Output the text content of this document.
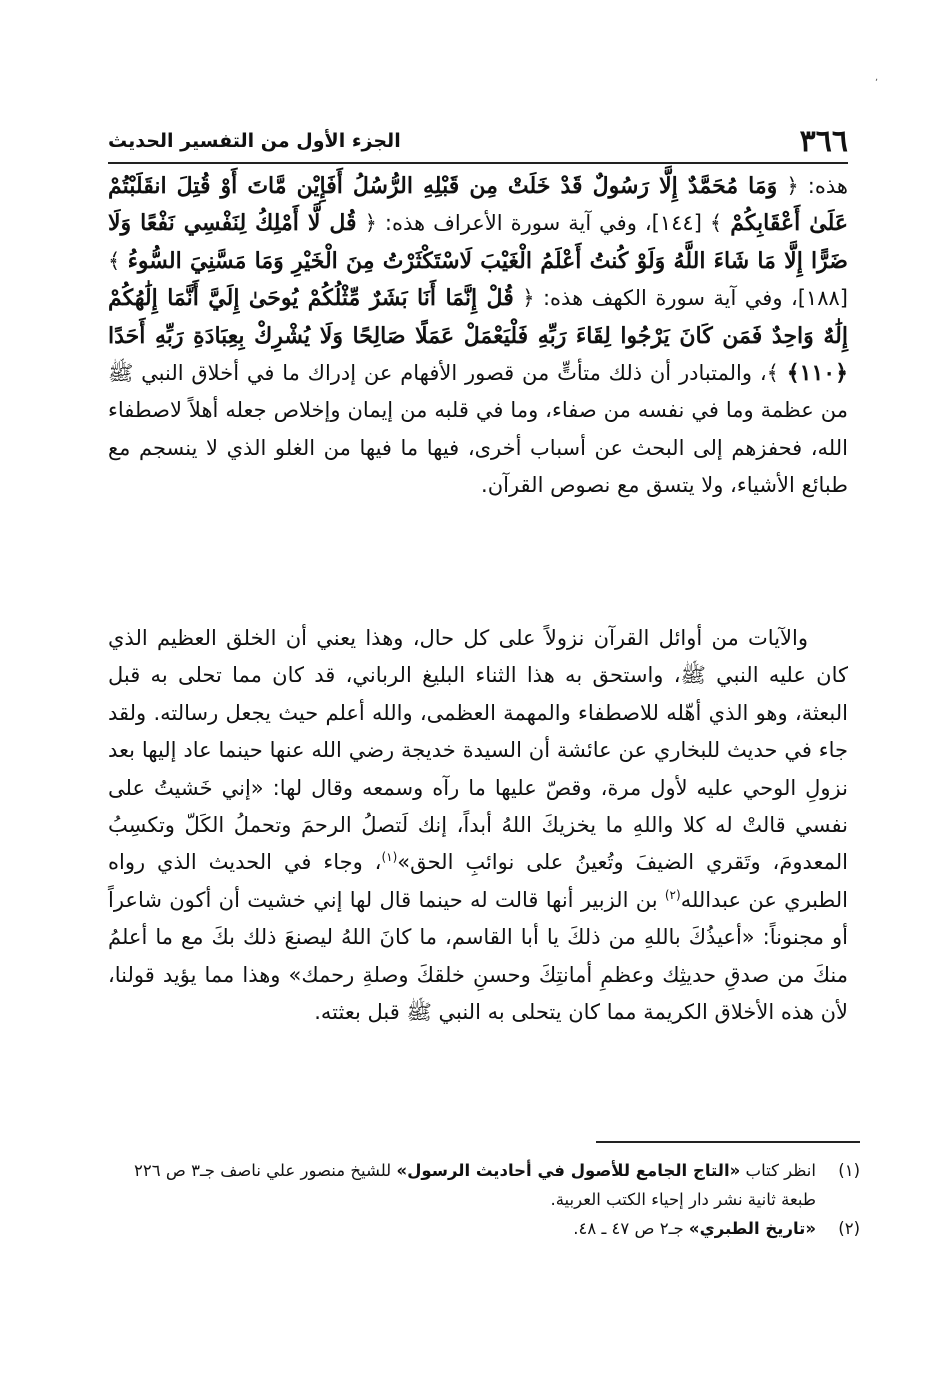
ʼ
٣٦٦
الجزء الأول من التفسير الحديث

هذه: ﴿ وَمَا مُحَمَّدٌ إِلَّا رَسُولٌ قَدْ خَلَتْ مِن قَبْلِهِ الرُّسُلُ أَفَإِيْن مَّاتَ أَوْ قُتِلَ انقَلَبْتُمْ عَلَىٰ أَعْقَابِكُمْ ﴾ [١٤٤]، وفي آية سورة الأعراف هذه: ﴿ قُل لَّا أَمْلِكُ لِنَفْسِي نَفْعًا وَلَا ضَرًّا إِلَّا مَا شَاءَ اللَّهُ وَلَوْ كُنتُ أَعْلَمُ الْغَيْبَ لَاسْتَكْثَرْتُ مِنَ الْخَيْرِ وَمَا مَسَّنِيَ السُّوءُ ﴾ [١٨٨]، وفي آية سورة الكهف هذه: ﴿ قُلْ إِنَّمَا أَنَا بَشَرٌ مِّثْلُكُمْ يُوحَىٰ إِلَيَّ أَنَّمَا إِلَٰهُكُمْ إِلَٰهٌ وَاحِدٌ فَمَن كَانَ يَرْجُوا لِقَاءَ رَبِّهِ فَلْيَعْمَلْ عَمَلًا صَالِحًا وَلَا يُشْرِكْ بِعِبَادَةِ رَبِّهِ أَحَدًا ﴿١١٠﴾ ﴾، والمتبادر أن ذلك متأتٍّ من قصور الأفهام عن إدراك ما في أخلاق النبي ﷺ من عظمة وما في نفسه من صفاء، وما في قلبه من إيمان وإخلاص جعله أهلاً لاصطفاء الله، فحفزهم إلى البحث عن أسباب أخرى، فيها ما فيها من الغلو الذي لا ينسجم مع طبائع الأشياء، ولا يتسق مع نصوص القرآن.

والآيات من أوائل القرآن نزولاً على كل حال، وهذا يعني أن الخلق العظيم الذي كان عليه النبي ﷺ، واستحق به هذا الثناء البليغ الرباني، قد كان مما تحلى به قبل البعثة، وهو الذي أهّله للاصطفاء والمهمة العظمى، والله أعلم حيث يجعل رسالته. ولقد جاء في حديث للبخاري عن عائشة أن السيدة خديجة رضي الله عنها حينما عاد إليها بعد نزولِ الوحي عليه لأول مرة، وقصّ عليها ما رآه وسمعه وقال لها: «إني خَشيتُ على نفسي قالتْ له كلا واللهِ ما يخزيكَ اللهُ أبداً، إنك لَتصلُ الرحمَ وتحملُ الكَلّ وتكسِبُ المعدومَ، وتَقري الضيفَ وتُعينُ على نوائبِ الحق»$^{(١)}$، وجاء في الحديث الذي رواه الطبري عن عبدالله$^{(٢)}$ بن الزبير أنها قالت له حينما قال لها إني خشيت أن أكون شاعراً أو مجنوناً: «أعيذُكَ باللهِ من ذلكَ يا أبا القاسم، ما كانَ اللهُ ليصنعَ ذلك بكَ مع ما أعلمُ منكَ من صدقِ حديثِك وعظمِ أمانتِكَ وحسنِ خلقكَ وصلةِ رحمك» وهذا مما يؤيد قولنا، لأن هذه الأخلاق الكريمة مما كان يتحلى به النبي ﷺ قبل بعثته.

(١)
انظر كتاب «التاج الجامع للأصول في أحاديث الرسول» للشيخ منصور علي ناصف جـ٣ ص ٢٢٦ طبعة ثانية نشر دار إحياء الكتب العربية.
(٢)
«تاريخ الطبري» جـ٢ ص ٤٧ ـ ٤٨.
